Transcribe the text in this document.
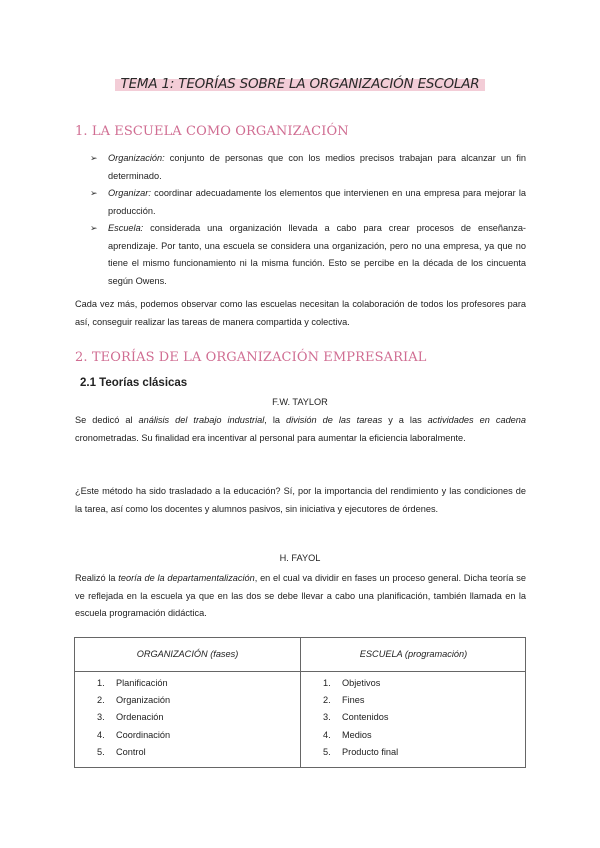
TEMA 1: TEORÍAS SOBRE LA ORGANIZACIÓN ESCOLAR
1. LA ESCUELA COMO ORGANIZACIÓN
➢ Organización: conjunto de personas que con los medios precisos trabajan para alcanzar un fin determinado.
➢ Organizar: coordinar adecuadamente los elementos que intervienen en una empresa para mejorar la producción.
➢ Escuela: considerada una organización llevada a cabo para crear procesos de enseñanza-aprendizaje. Por tanto, una escuela se considera una organización, pero no una empresa, ya que no tiene el mismo funcionamiento ni la misma función. Esto se percibe en la década de los cincuenta según Owens.

Cada vez más, podemos observar como las escuelas necesitan la colaboración de todos los profesores para así, conseguir realizar las tareas de manera compartida y colectiva.

2. TEORÍAS DE LA ORGANIZACIÓN EMPRESARIAL
2.1 Teorías clásicas
F.W. TAYLOR

Se dedicó al análisis del trabajo industrial, la división de las tareas y a las actividades en cadena cronometradas. Su finalidad era incentivar al personal para aumentar la eficiencia laboralmente.

¿Este método ha sido trasladado a la educación? Sí, por la importancia del rendimiento y las condiciones de la tarea, así como los docentes y alumnos pasivos, sin iniciativa y ejecutores de órdenes.

H. FAYOL

Realizó la teoría de la departamentalización, en el cual va dividir en fases un proceso general. Dicha teoría se ve reflejada en la escuela ya que en las dos se debe llevar a cabo una planificación, también llamada en la escuela programación didáctica.

ORGANIZACIÓN (fases)	ESCUELA (programación)
1. Planificación
2. Organización
3. Ordenación
4. Coordinación
5. Control
1. Objetivos
2. Fines
3. Contenidos
4. Medios
5. Producto final
